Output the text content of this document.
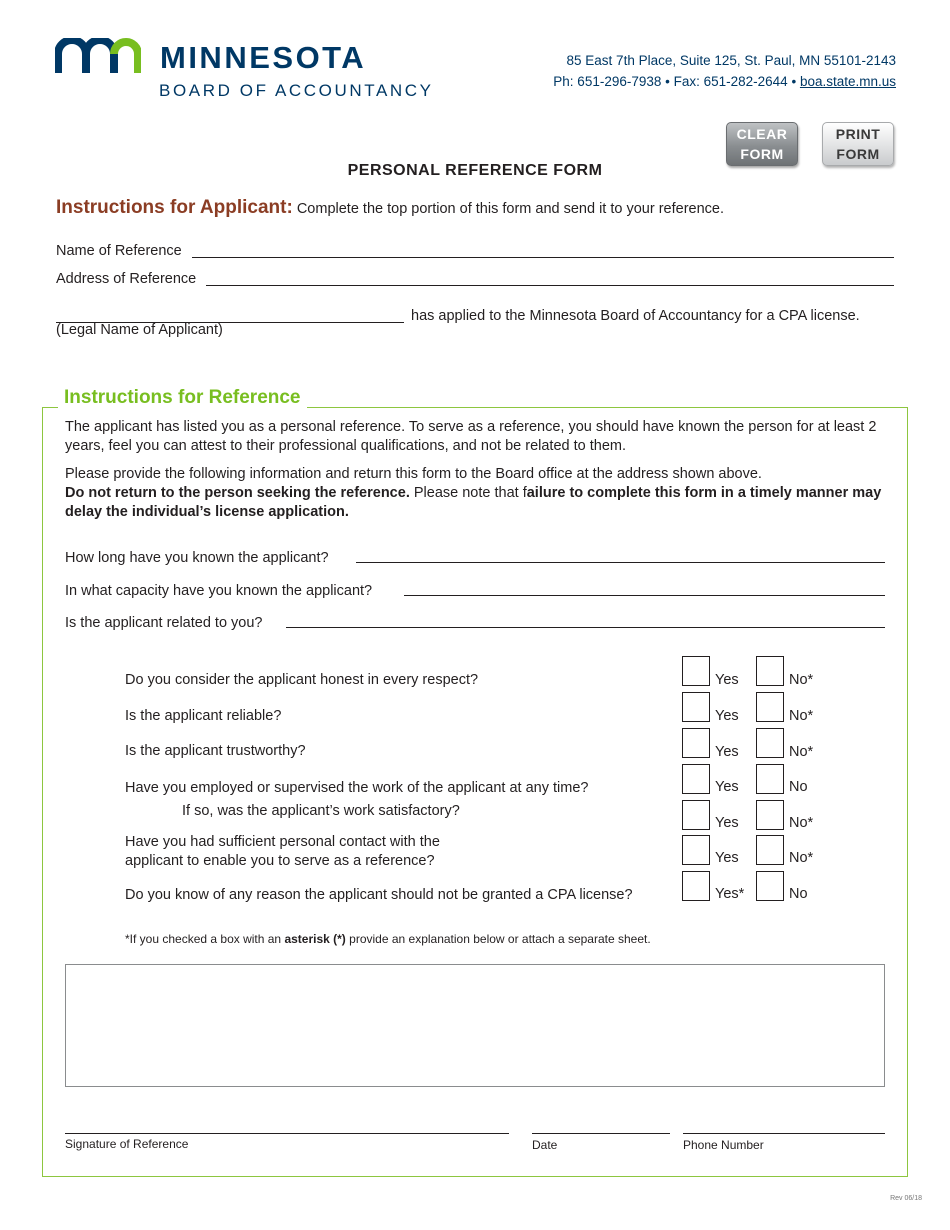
MINNESOTA
BOARD OF ACCOUNTANCY
85 East 7th Place, Suite 125, St. Paul, MN 55101-2143
Ph: 651-296-7938 • Fax: 651-282-2644 • boa.state.mn.us
CLEAR
FORM
PRINT
FORM
PERSONAL REFERENCE FORM
Instructions for Applicant: Complete the top portion of this form and send it to your reference.
Name of Reference
Address of Reference
has applied to the Minnesota Board of Accountancy for a CPA license.
(Legal Name of Applicant)
Instructions for Reference
The applicant has listed you as a personal reference. To serve as a reference, you should have known the person for at least 2 years, feel you can attest to their professional qualifications, and not be related to them.
Please provide the following information and return this form to the Board office at the address shown above.
Do not return to the person seeking the reference. Please note that failure to complete this form in a timely manner may delay the individual’s license application.
How long have you known the applicant?
In what capacity have you known the applicant?
Is the applicant related to you?
Do you consider the applicant honest in every respect?	Yes	No*
Is the applicant reliable?	Yes	No*
Is the applicant trustworthy?	Yes	No*
Have you employed or supervised the work of the applicant at any time?	Yes	No
If so, was the applicant’s work satisfactory?
Yes	No*
Have you had sufficient personal contact with the
applicant to enable you to serve as a reference?	Yes	No*
Do you know of any reason the applicant should not be granted a CPA license?	Yes*	No
*If you checked a box with an asterisk (*) provide an explanation below or attach a separate sheet.
Signature of Reference	Date	Phone Number
Rev 06/18
